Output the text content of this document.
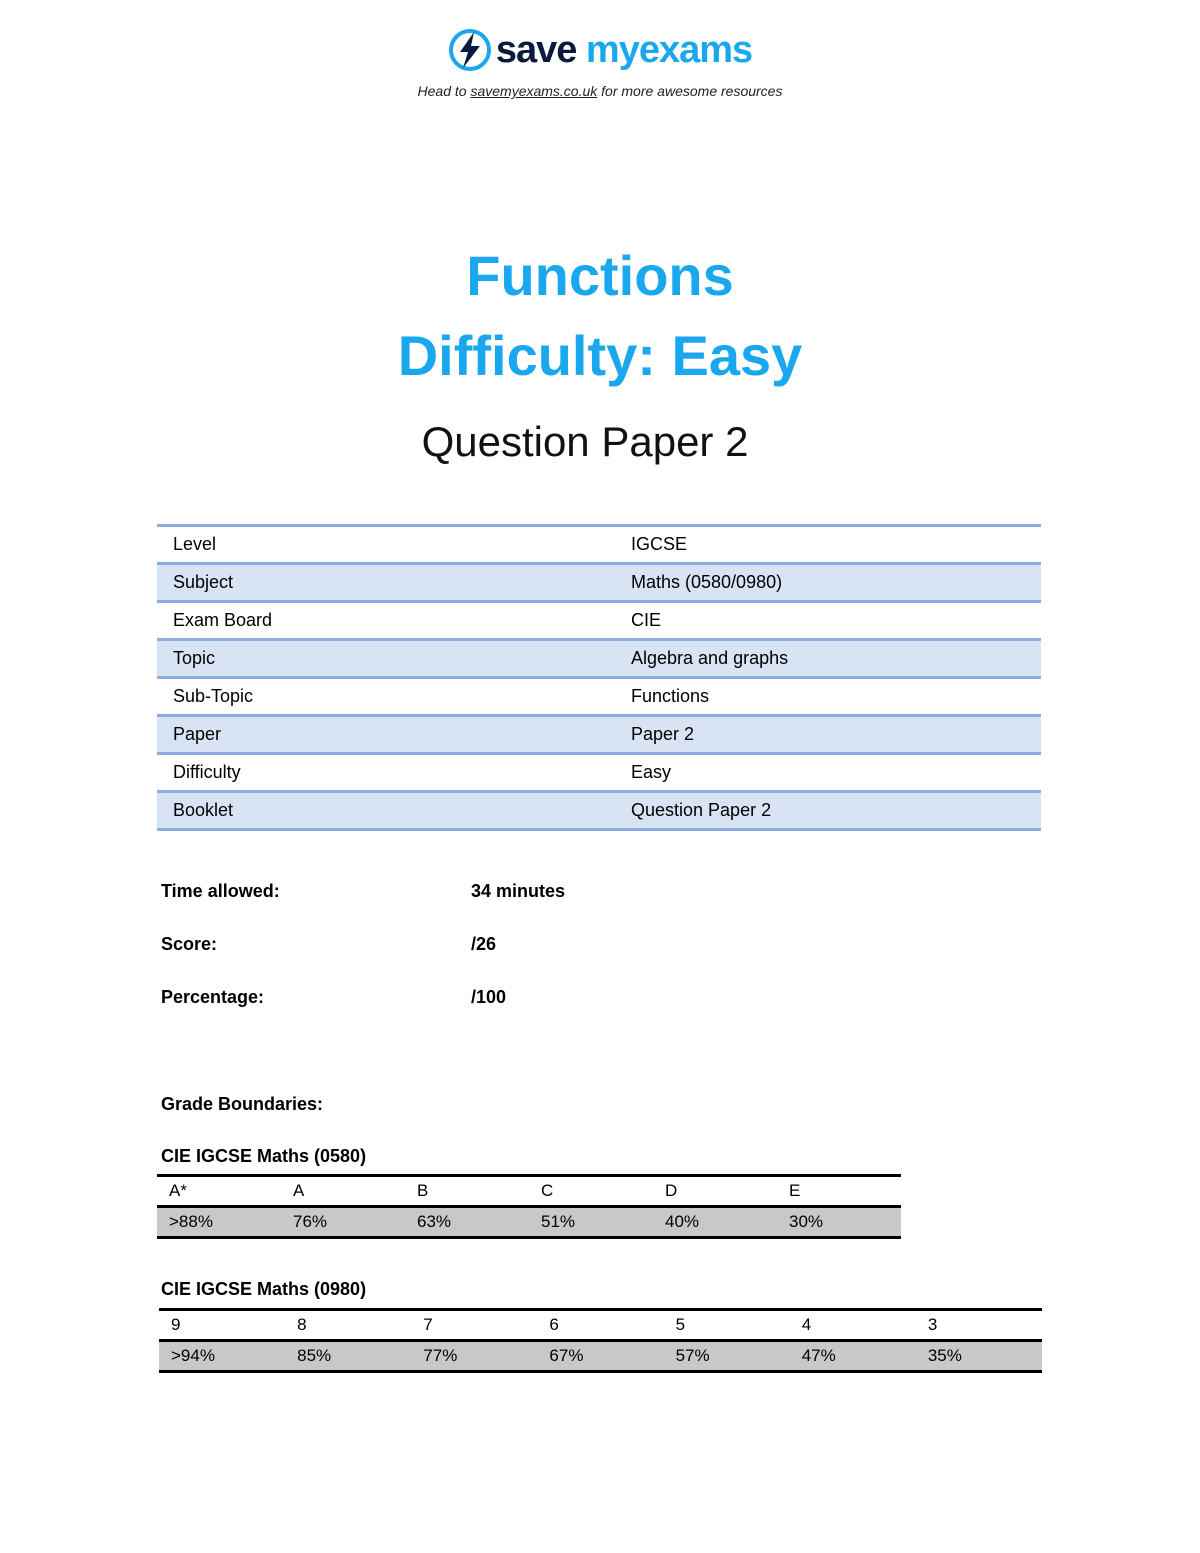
save myexams
Head to savemyexams.co.uk for more awesome resources
Functions
Difficulty: Easy
Question Paper 2
Level	IGCSE
Subject	Maths (0580/0980)
Exam Board	CIE
Topic	Algebra and graphs
Sub-Topic	Functions
Paper	Paper 2
Difficulty	Easy
Booklet	Question Paper 2
Time allowed:	34 minutes
Score:	/26
Percentage:	/100
Grade Boundaries:
CIE IGCSE Maths (0580)
A*	A	B	C	D	E
>88%	76%	63%	51%	40%	30%
CIE IGCSE Maths (0980)
9	8	7	6	5	4	3
>94%	85%	77%	67%	57%	47%	35%
